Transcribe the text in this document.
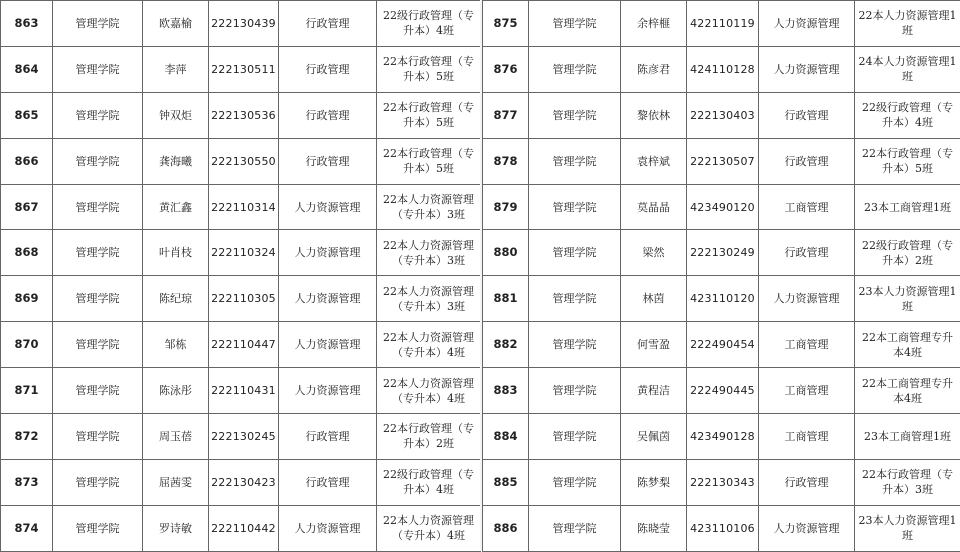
863	管理学院	欧嘉榆	222130439	行政管理	22级行政管理（专升本）4班
864	管理学院	李萍	222130511	行政管理	22本行政管理（专升本）5班
865	管理学院	钟双炬	222130536	行政管理	22本行政管理（专升本）5班
866	管理学院	龚海曦	222130550	行政管理	22本行政管理（专升本）5班
867	管理学院	黄汇鑫	222110314	人力资源管理	22本人力资源管理（专升本）3班
868	管理学院	叶肖枝	222110324	人力资源管理	22本人力资源管理（专升本）3班
869	管理学院	陈纪琼	222110305	人力资源管理	22本人力资源管理（专升本）3班
870	管理学院	邹栋	222110447	人力资源管理	22本人力资源管理（专升本）4班
871	管理学院	陈泳彤	222110431	人力资源管理	22本人力资源管理（专升本）4班
872	管理学院	周玉蓓	222130245	行政管理	22本行政管理（专升本）2班
873	管理学院	屈茜雯	222130423	行政管理	22级行政管理（专升本）4班
874	管理学院	罗诗敏	222110442	人力资源管理	22本人力资源管理（专升本）4班
875	管理学院	余梓榧	422110119	人力资源管理	22本人力资源管理1班
876	管理学院	陈彦君	424110128	人力资源管理	24本人力资源管理1班
877	管理学院	黎依林	222130403	行政管理	22级行政管理（专升本）4班
878	管理学院	袁梓斌	222130507	行政管理	22本行政管理（专升本）5班
879	管理学院	莫晶晶	423490120	工商管理	23本工商管理1班
880	管理学院	梁然	222130249	行政管理	22级行政管理（专升本）2班
881	管理学院	林茵	423110120	人力资源管理	23本人力资源管理1班
882	管理学院	何雪盈	222490454	工商管理	22本工商管理专升本4班
883	管理学院	黄程洁	222490445	工商管理	22本工商管理专升本4班
884	管理学院	吴佩茵	423490128	工商管理	23本工商管理1班
885	管理学院	陈梦梨	222130343	行政管理	22本行政管理（专升本）3班
886	管理学院	陈晓莹	423110106	人力资源管理	23本人力资源管理1班
